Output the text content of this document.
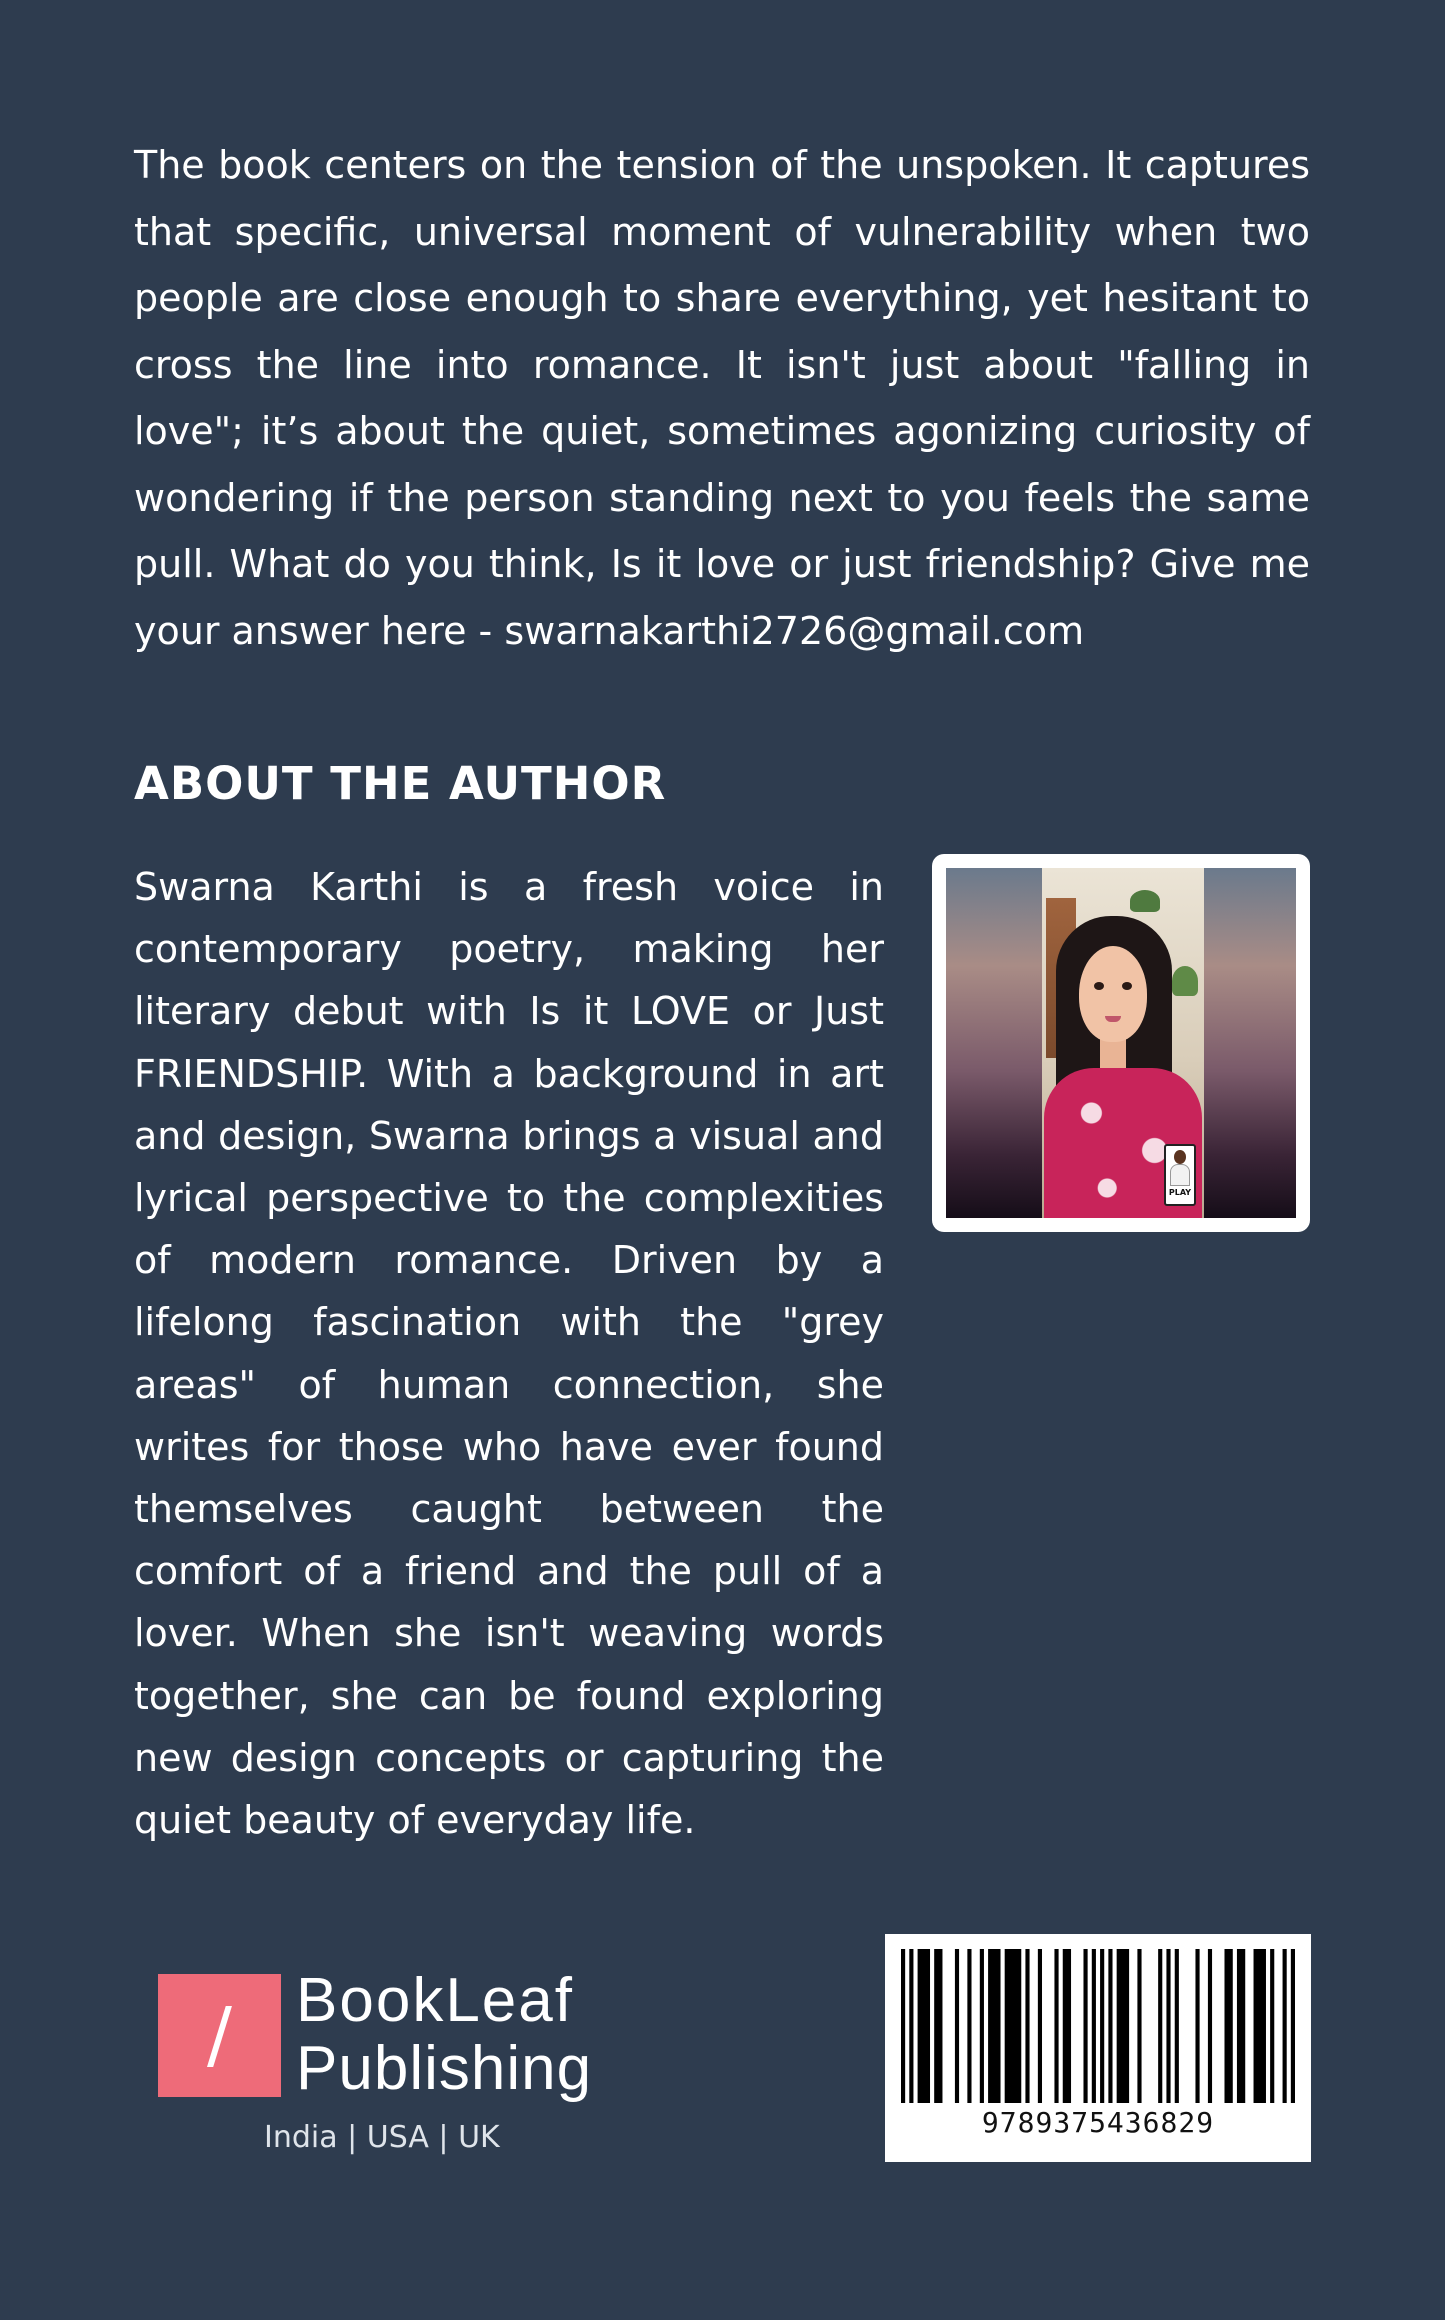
The book centers on the tension of the unspoken. It captures that specific, universal moment of vulnerability when two people are close enough to share everything, yet hesitant to cross the line into romance. It isn't just about "falling in love"; it’s about the quiet, sometimes agonizing curiosity of wondering if the person standing next to you feels the same pull. What do you think, Is it love or just friendship? Give me your answer here - swarnakarthi2726@gmail.com

ABOUT THE AUTHOR

Swarna Karthi is a fresh voice in contemporary poetry, making her literary debut with Is it LOVE or Just FRIENDSHIP. With a background in art and design, Swarna brings a visual and lyrical perspective to the complexities of modern romance. Driven by a lifelong fascination with the "grey areas" of human connection, she writes for those who have ever found themselves caught between the comfort of a friend and the pull of a lover. When she isn't weaving words together, she can be found exploring new design concepts or capturing the quiet beauty of everyday life.

PLAY
/	BookLeaf
Publishing
India | USA | UK	9789375436829
